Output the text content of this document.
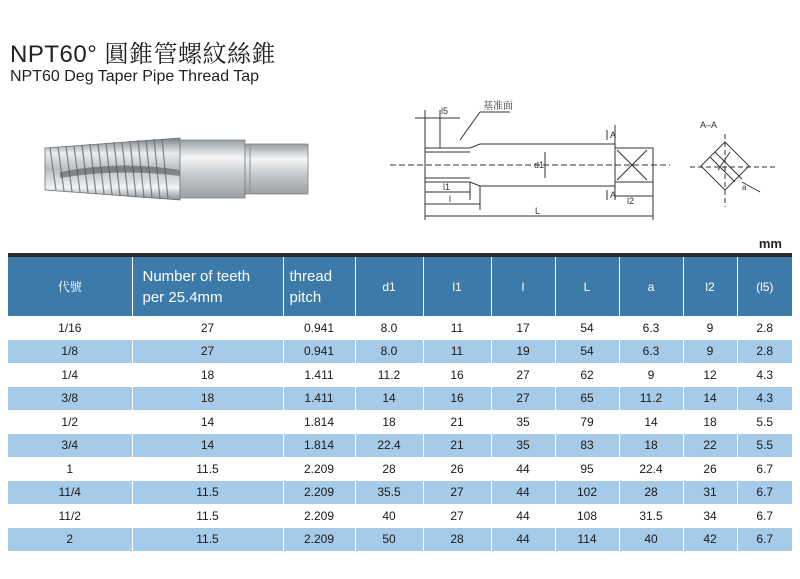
NPT60° 圓錐管螺紋絲錐
NPT60 Deg Taper Pipe Thread Tap
l5	基准面
l1
l
L
d1
l2
A
A
A–A
a
mm
代號	Number of teeth
per 25.4mm	thread
pitch	d1	l1	l	L	a	l2	(l5)
1/16	27	0.941	8.0	11	17	54	6.3	9	2.8
1/8	27	0.941	8.0	11	19	54	6.3	9	2.8
1/4	18	1.411	11.2	16	27	62	9	12	4.3
3/8	18	1.411	14	16	27	65	11.2	14	4.3
1/2	14	1.814	18	21	35	79	14	18	5.5
3/4	14	1.814	22.4	21	35	83	18	22	5.5
1	11.5	2.209	28	26	44	95	22.4	26	6.7
11/4	11.5	2.209	35.5	27	44	102	28	31	6.7
11/2	11.5	2.209	40	27	44	108	31.5	34	6.7
2	11.5	2.209	50	28	44	114	40	42	6.7
